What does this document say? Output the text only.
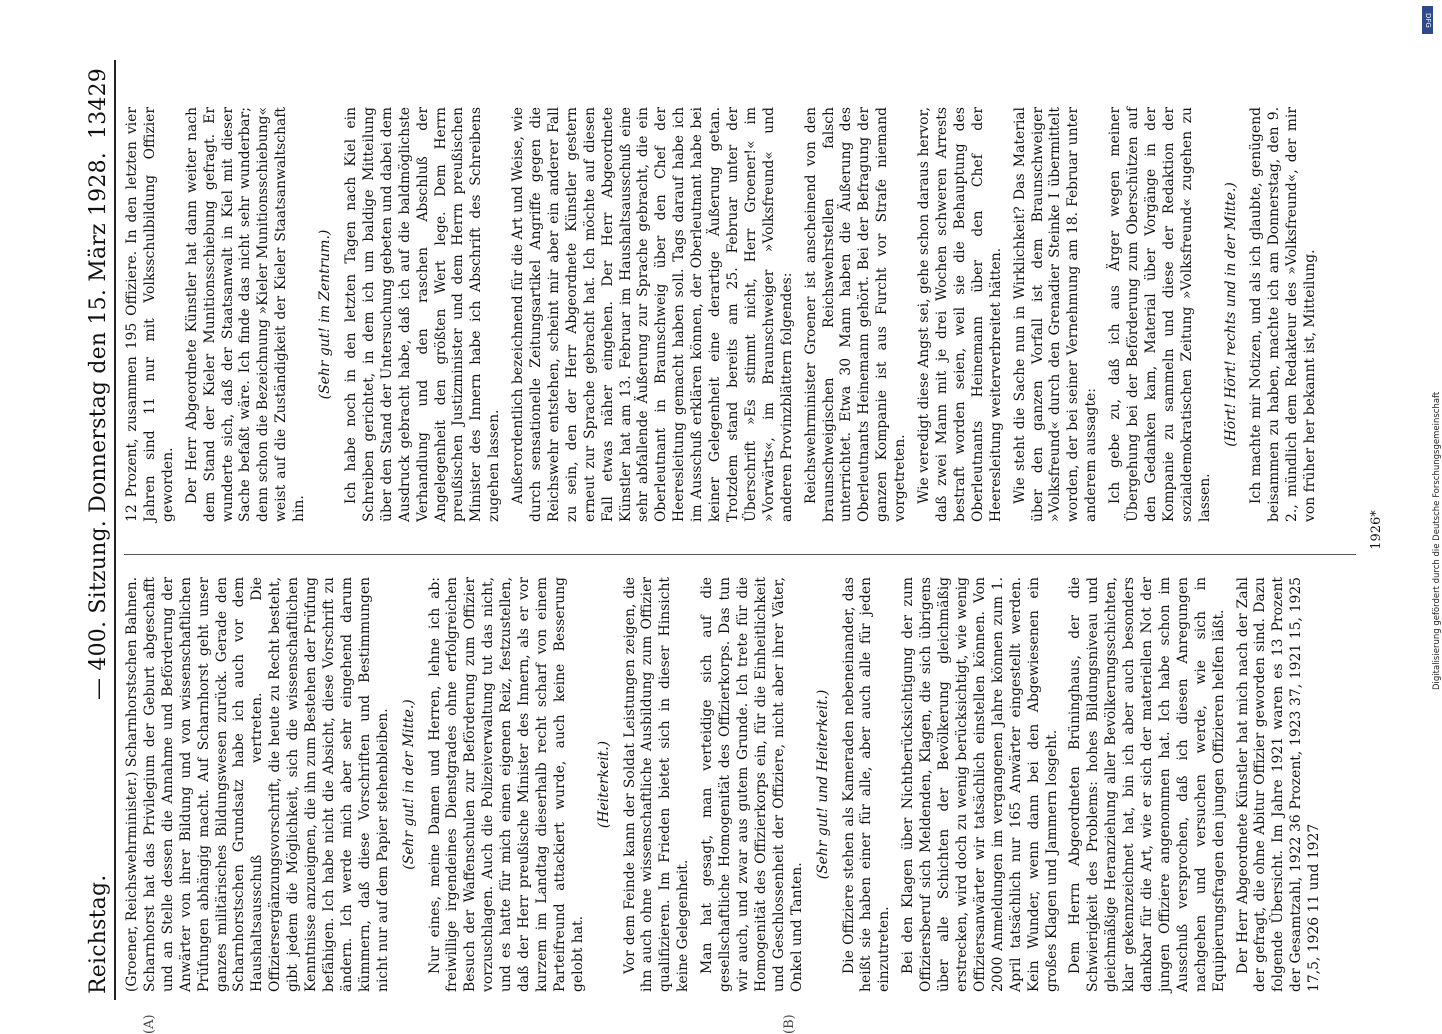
Reichstag.
— 400. Sitzung. Donnerstag den 15. März 1928.
13429
(A)	(B)

(Groener, Reichswehrminister.) Scharnhorstschen Bahnen. Scharnhorst hat das Privilegium der Geburt abgeschafft und an Stelle dessen die Annahme und Beförderung der Anwärter von ihrer Bildung und von wissenschaftlichen Prüfungen abhängig macht. Auf Scharnhorst geht unser ganzes militärisches Bildungswesen zurück. Gerade den Scharnhorstschen Grundsatz habe ich auch vor dem Haushaltsausschuß vertreten. Die Offiziersergänzungsvorschrift, die heute zu Recht besteht, gibt jedem die Möglichkeit, sich die wissenschaftlichen Kenntnisse anzueignen, die ihn zum Bestehen der Prüfung befähigen. Ich habe nicht die Absicht, diese Vorschrift zu ändern. Ich werde mich aber sehr eingehend darum kümmern, daß diese Vorschriften und Bestimmungen nicht nur auf dem Papier stehenbleiben. (Sehr gut! in der Mitte.) Nur eines, meine Damen und Herren, lehne ich ab: freiwillige irgendeines Dienstgrades ohne erfolgreichen Besuch der Waffenschulen zur Beförderung zum Offizier vorzuschlagen. Auch die Polizeiverwaltung tut das nicht, und es hatte für mich einen eigenen Reiz, festzustellen, daß der Herr preußische Minister des Innern, als er vor kurzem im Landtag dieserhalb recht scharf von einem Parteifreund attackiert wurde, auch keine Besserung gelobt hat.

(Heiterkeit.) Vor dem Feinde kann der Soldat Leistungen zeigen, die ihn auch ohne wissenschaftliche Ausbildung zum Offizier qualifizieren. Im Frieden bietet sich in dieser Hinsicht keine Gelegenheit. Man hat gesagt, man verteidige sich auf die gesellschaftliche Homogenität des Offizierkorps. Das tun wir auch, und zwar aus gutem Grunde. Ich trete für die Homogenität des Offizierkorps ein, für die Einheitlichkeit und Geschlossenheit der Offiziere, nicht aber ihrer Väter, Onkel und Tanten.

(Sehr gut! und Heiterkeit.) Die Offiziere stehen als Kameraden nebeneinander, das heißt sie haben einer für alle, aber auch alle für jeden einzutreten. Bei den Klagen über Nichtberücksichtigung der zum Offiziersberuf sich Meldenden, Klagen, die sich übrigens über alle Schichten der Bevölkerung gleichmäßig erstrecken, wird doch zu wenig berücksichtigt, wie wenig Offiziersanwärter wir tatsächlich einstellen können. Von 2000 Anmeldungen im vergangenen Jahre können zum 1. April tatsächlich nur 165 Anwärter eingestellt werden. Kein Wunder, wenn dann bei den Abgewiesenen ein großes Klagen und Jammern losgeht. Dem Herrn Abgeordneten Brüninghaus, der die Schwierigkeit des Problems: hohes Bildungsniveau und gleichmäßige Heranziehung aller Bevölkerungsschichten, klar gekennzeichnet hat, bin ich aber auch besonders dankbar für die Art, wie er sich der materiellen Not der jungen Offiziere angenommen hat. Ich habe schon im Ausschuß versprochen, daß ich diesen Anregungen nachgehen und versuchen werde, wie sich in Equipierungsfragen den jungen Offizieren helfen läßt. Der Herr Abgeordnete Künstler hat mich nach der Zahl der gefragt, die ohne Abitur Offizier geworden sind. Dazu folgende Übersicht. Im Jahre 1921 waren es 13 Prozent der Gesamtzahl, 1922 36 Prozent, 1923 37, 1921 15, 1925 17,5, 1926 11 und 1927

12 Prozent, zusammen 195 Offiziere. In den letzten vier Jahren sind 11 nur mit Volksschulbildung Offizier geworden. Der Herr Abgeordnete Künstler hat dann weiter nach dem Stand der Kieler Munitionsschiebung gefragt. Er wunderte sich, daß der Staatsanwalt in Kiel mit dieser Sache befaßt wäre. Ich finde das nicht sehr wunderbar; denn schon die Bezeichnung »Kieler Munitionsschiebung« weist auf die Zuständigkeit der Kieler Staatsanwaltschaft hin.

(Sehr gut! im Zentrum.) Ich habe noch in den letzten Tagen nach Kiel ein Schreiben gerichtet, in dem ich um baldige Mitteilung über den Stand der Untersuchung gebeten und dabei dem Ausdruck gebracht habe, daß ich auf die baldmöglichste Verhandlung und den raschen Abschluß der Angelegenheit den größten Wert lege. Dem Herrn preußischen Justizminister und dem Herrn preußischen Minister des Innern habe ich Abschrift des Schreibens zugehen lassen. Außerordentlich bezeichnend für die Art und Weise, wie durch sensationelle Zeitungsartikel Angriffe gegen die Reichswehr entstehen, scheint mir aber ein anderer Fall zu sein, den der Herr Abgeordnete Künstler gestern erneut zur Sprache gebracht hat. Ich möchte auf diesen Fall etwas näher eingehen. Der Herr Abgeordnete Künstler hat am 13. Februar im Haushaltsausschuß eine sehr abfallende Äußerung zur Sprache gebracht, die ein Oberleutnant in Braunschweig über den Chef der Heeresleitung gemacht haben soll. Tags darauf habe ich im Ausschuß erklären können, der Oberleutnant habe bei keiner Gelegenheit eine derartige Äußerung getan. Trotzdem stand bereits am 25. Februar unter der Überschrift »Es stimmt nicht, Herr Groener!« im »Vorwärts«, im Braunschweiger »Volksfreund« und anderen Provinzblättern folgendes: Reichswehrminister Groener ist anscheinend von den braunschweigischen Reichswehrstellen falsch unterrichtet. Etwa 30 Mann haben die Äußerung des Oberleutnants Heinemann gehört. Bei der Befragung der ganzen Kompanie ist aus Furcht vor Strafe niemand vorgetreten. Wie veredigt diese Angst sei, gehe schon daraus hervor, daß zwei Mann mit je drei Wochen schweren Arrests bestraft worden seien, weil sie die Behauptung des Oberleutnants Heinemann über den Chef der Heeresleitung weiterverbreitet hätten. Wie steht die Sache nun in Wirklichkeit? Das Material über den ganzen Vorfall ist dem Braunschweiger »Volksfreund« durch den Grenadier Steinke I übermittelt worden, der bei seiner Vernehmung am 18. Februar unter anderem aussagte: Ich gebe zu, daß ich aus Ärger wegen meiner Übergehung bei der Beförderung zum Oberschützen auf den Gedanken kam, Material über Vorgänge in der Kompanie zu sammeln und diese der Redaktion der sozialdemokratischen Zeitung »Volksfreund« zugehen zu lassen.

(Hört! Hört! rechts und in der Mitte.) Ich machte mir Notizen, und als ich glaubte, genügend beisammen zu haben, machte ich am Donnerstag, den 9. 2., mündlich dem Redakteur des »Volksfreund«, der mir von früher her bekannt ist, Mitteilung.

1926*
DFG
Digitalisierung gefördert durch die Deutsche Forschungsgemeinschaft
